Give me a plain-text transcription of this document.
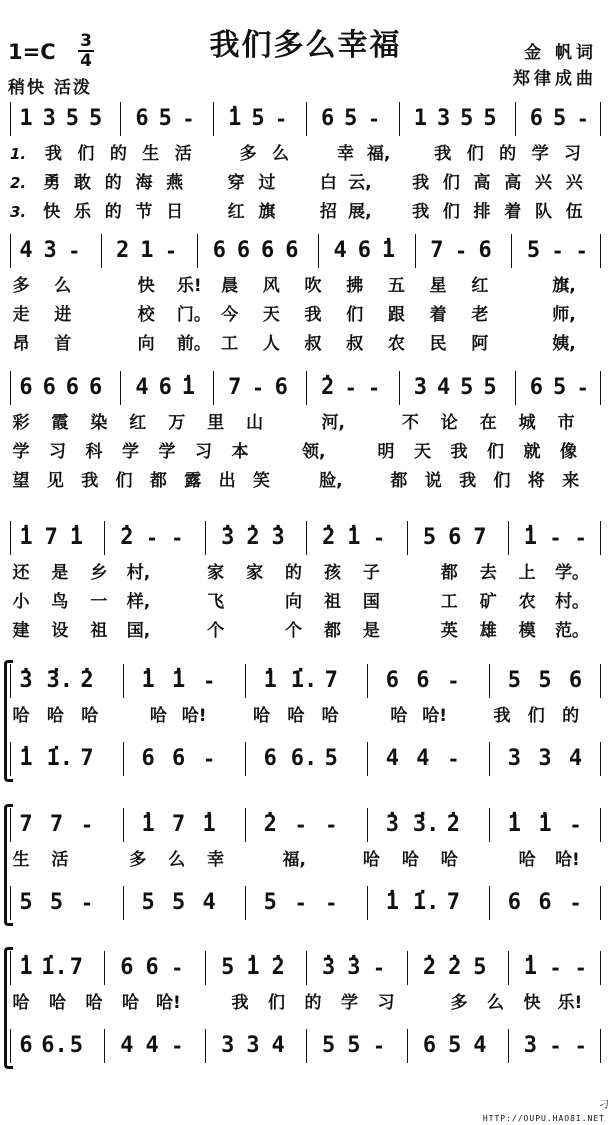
我们多么幸福
1=C 3
4
稍快 活泼
金 帆词
郑律成曲
1 3 5 5 6 5 - · 1 5 - 6 5 - 1 3 5 5 6 5 -
1. 我 们 的 生 活	多 么	幸 福,	我 们 的 学 习
2. 勇 敢 的 海 燕	穿 过	白 云, 我 们 高 高 兴 兴
3. 快 乐 的 节 日	红 旗	招 展, 我 们 排 着 队 伍
4 3 - 2 1 - 6 6 6 6 4 6 · 1 7 - 6 5 - -
多 么	快 乐! 晨 风 吹 拂 五 星 红	旗,
走 进	校 门。 今 天 我 们 跟 着 老	师,
昂 首	向 前。 工 人 叔 叔 农 民 阿	姨,
6 6 6 6 4 6 · 1 7 - 6 · 2 - - 3 4 5 5 6 5 -
彩 霞 染 红 万 里 山	河,	不 论 在 城 市
学 习 科 学 学 习 本	领,	明 天 我 们 就 像
望 见 我 们 都 露 出 笑	脸,	都 说 我 们 将 来
· 1 7 · 1 · 2 - - · 3 · 2 · 3 · 2 · 1 - 5 6 7 · 1 - -
还 是 乡 村,	家 家 的 孩 子	都 去 上 学。
小 鸟 一 样,	飞	向 祖 国	工 矿 农 村。
建 设 祖 国,	个	个 都 是	英 雄 模 范。
· 3 · 3. · 2 · 1 · 1 - · 1 · 1. 7 6 6 - 5 5 6
哈 哈 哈	哈 哈!	哈 哈 哈	哈 哈!	我 们 的
· 1 · 1. 7 6 6 - 6 6. 5 4 4 - 3 3 4
7 7 - · 1 7 · 1 · 2 - - · 3 · 3. · 2 · 1 · 1 -
生 活	多 么 幸	福,	哈 哈 哈	哈 哈!
5 5 - 5 5 4 5 - - · 1 · 1. 7 6 6 -
· 1 · 1. 7 6 6 - 5 · 1 · 2 · 3 · 3 - · 2 · 2 5 · 1 - -
哈 哈 哈 哈 哈!	我 们 的 学 习	多 么 快 乐!
6 6. 5 4 4 - 3 3 4 5 5 - 6 5 4 3 - -
刁
HTTP://OUPU.HAO8I.NET
